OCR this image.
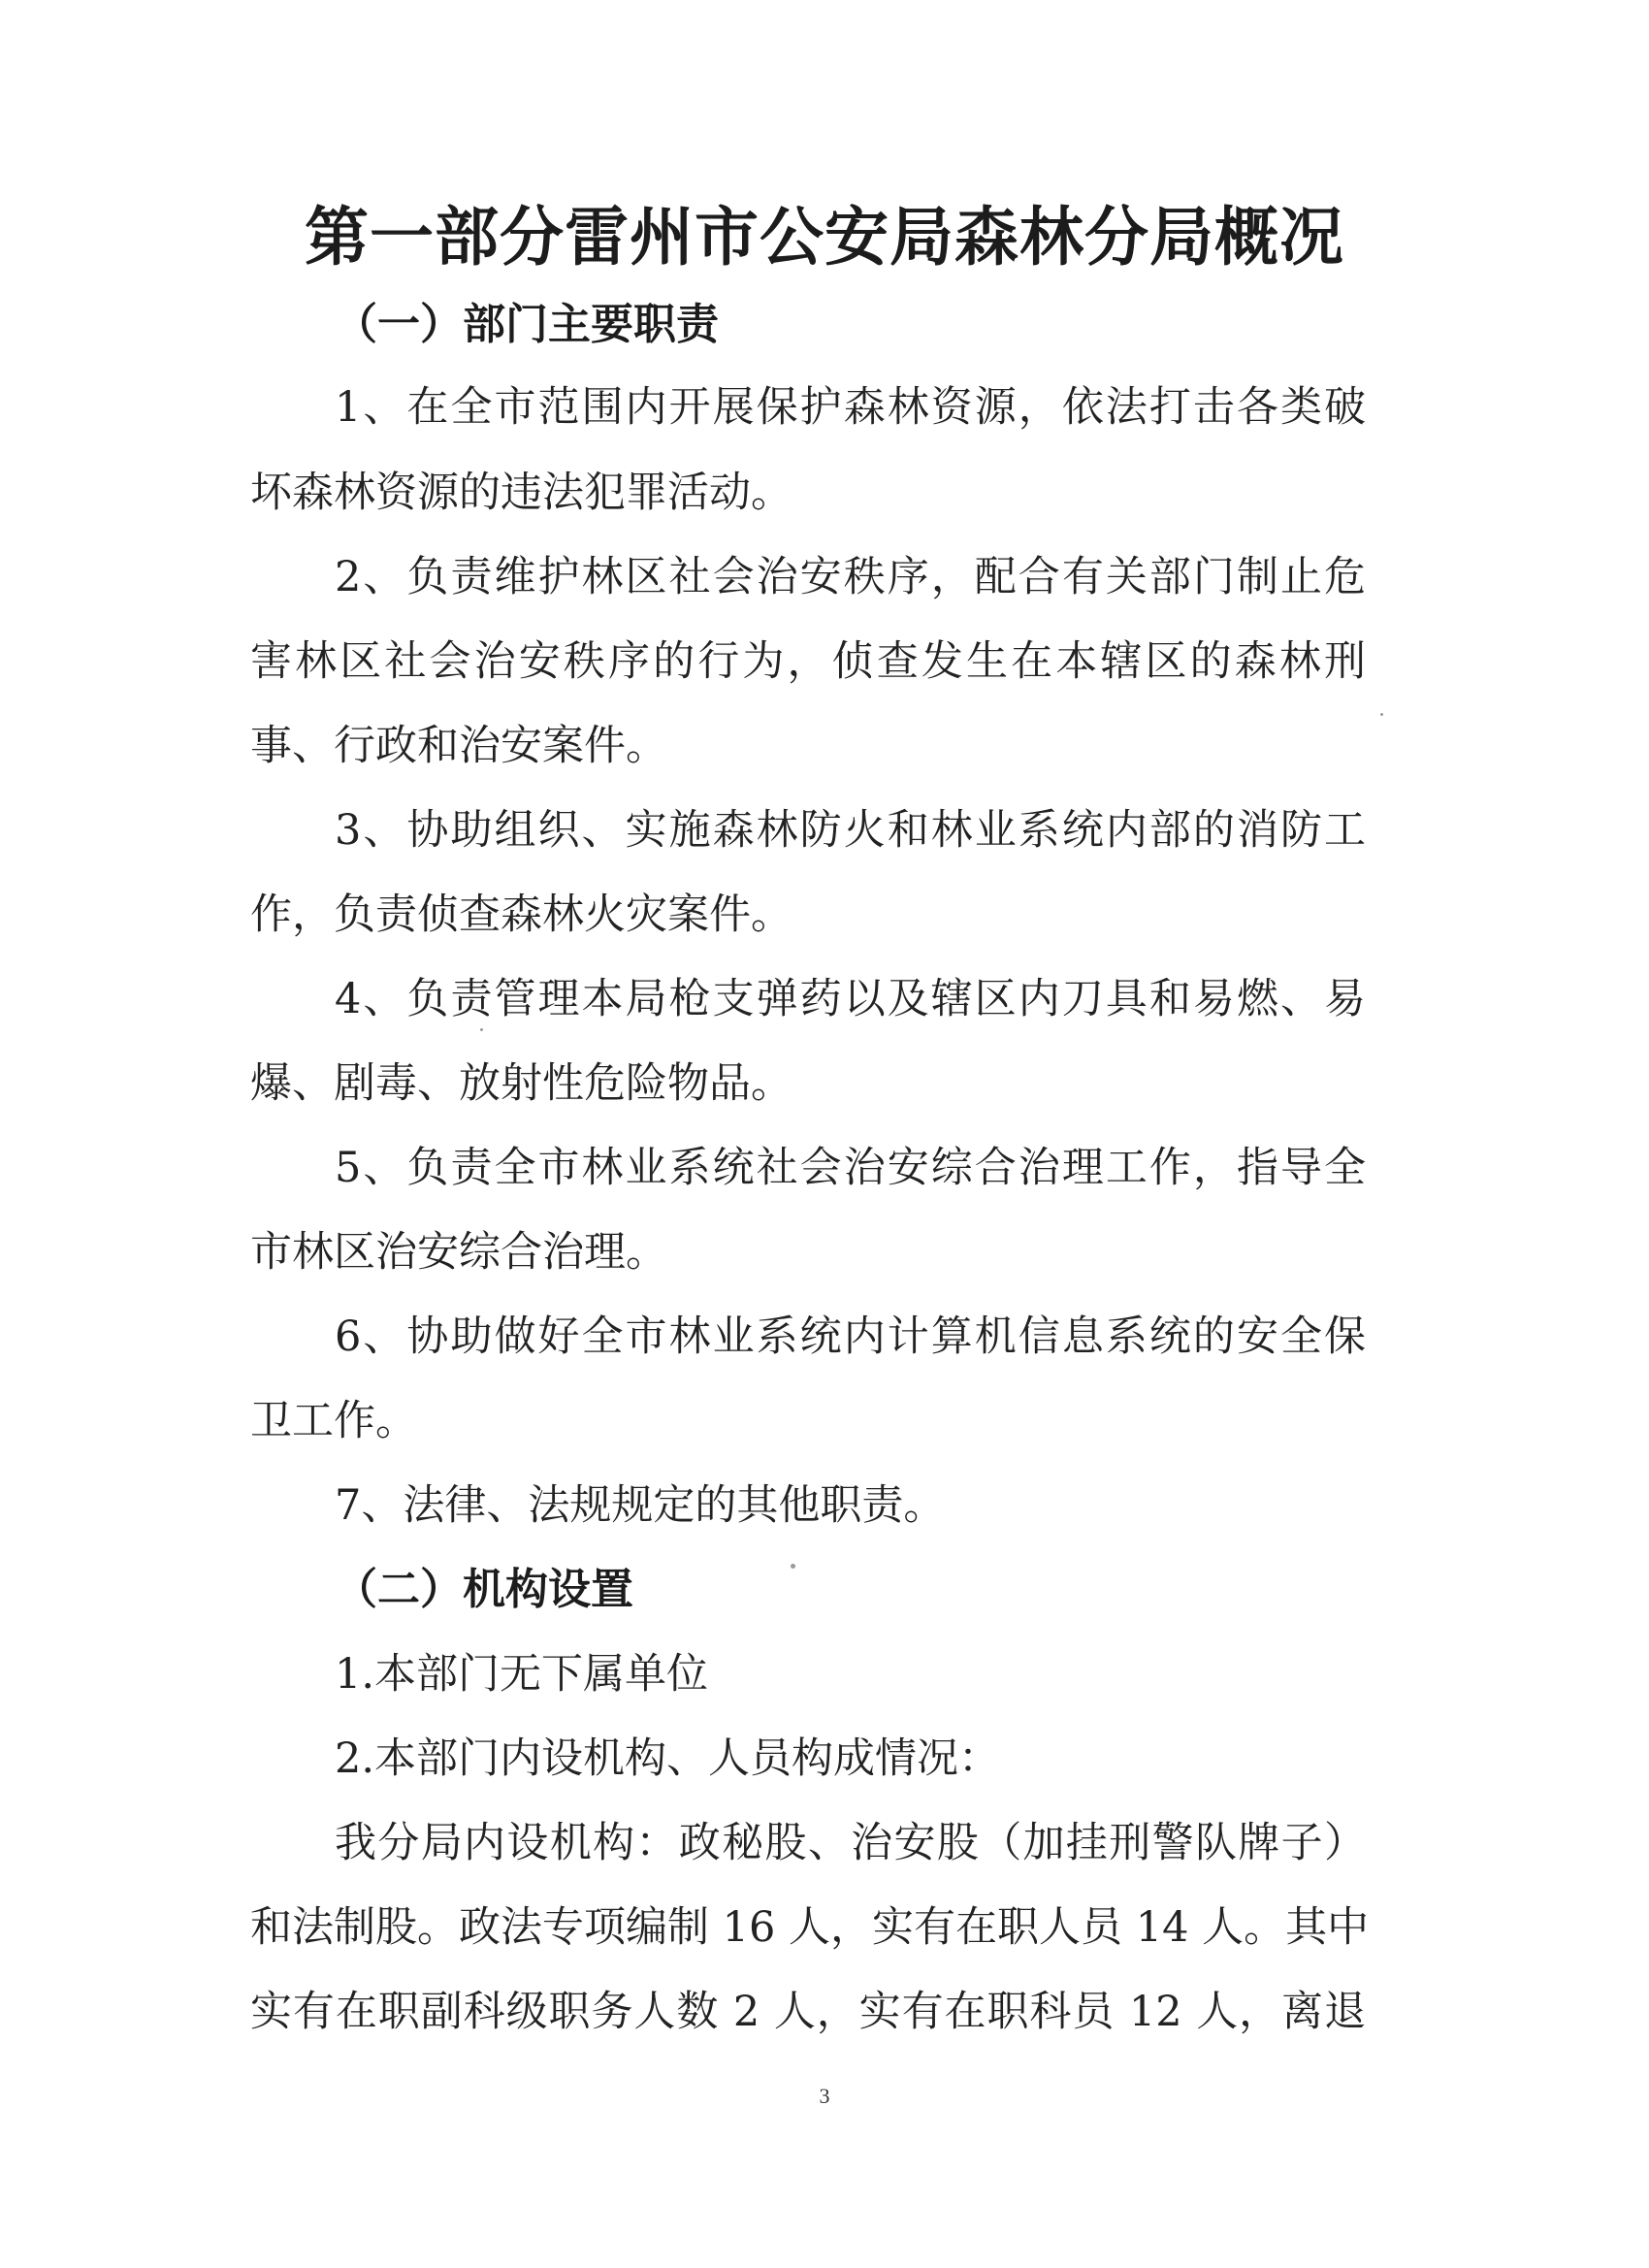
第一部分雷州市公安局森林分局概况
（一）部门主要职责
1、在全市范围内开展保护森林资源，依法打击各类破
坏森林资源的违法犯罪活动。
2、负责维护林区社会治安秩序，配合有关部门制止危
害林区社会治安秩序的行为，侦查发生在本辖区的森林刑
事、行政和治安案件。
3、协助组织、实施森林防火和林业系统内部的消防工
作，负责侦查森林火灾案件。
4、负责管理本局枪支弹药以及辖区内刀具和易燃、易
爆、剧毒、放射性危险物品。
5、负责全市林业系统社会治安综合治理工作，指导全
市林区治安综合治理。
6、协助做好全市林业系统内计算机信息系统的安全保
卫工作。
7、法律、法规规定的其他职责。
（二）机构设置
1.本部门无下属单位
2.本部门内设机构、人员构成情况：
我分局内设机构：政秘股、治安股（加挂刑警队牌子）
和法制股。政法专项编制 16 人，实有在职人员 14 人。其中
实有在职副科级职务人数 2 人，实有在职科员 12 人，离退
3
